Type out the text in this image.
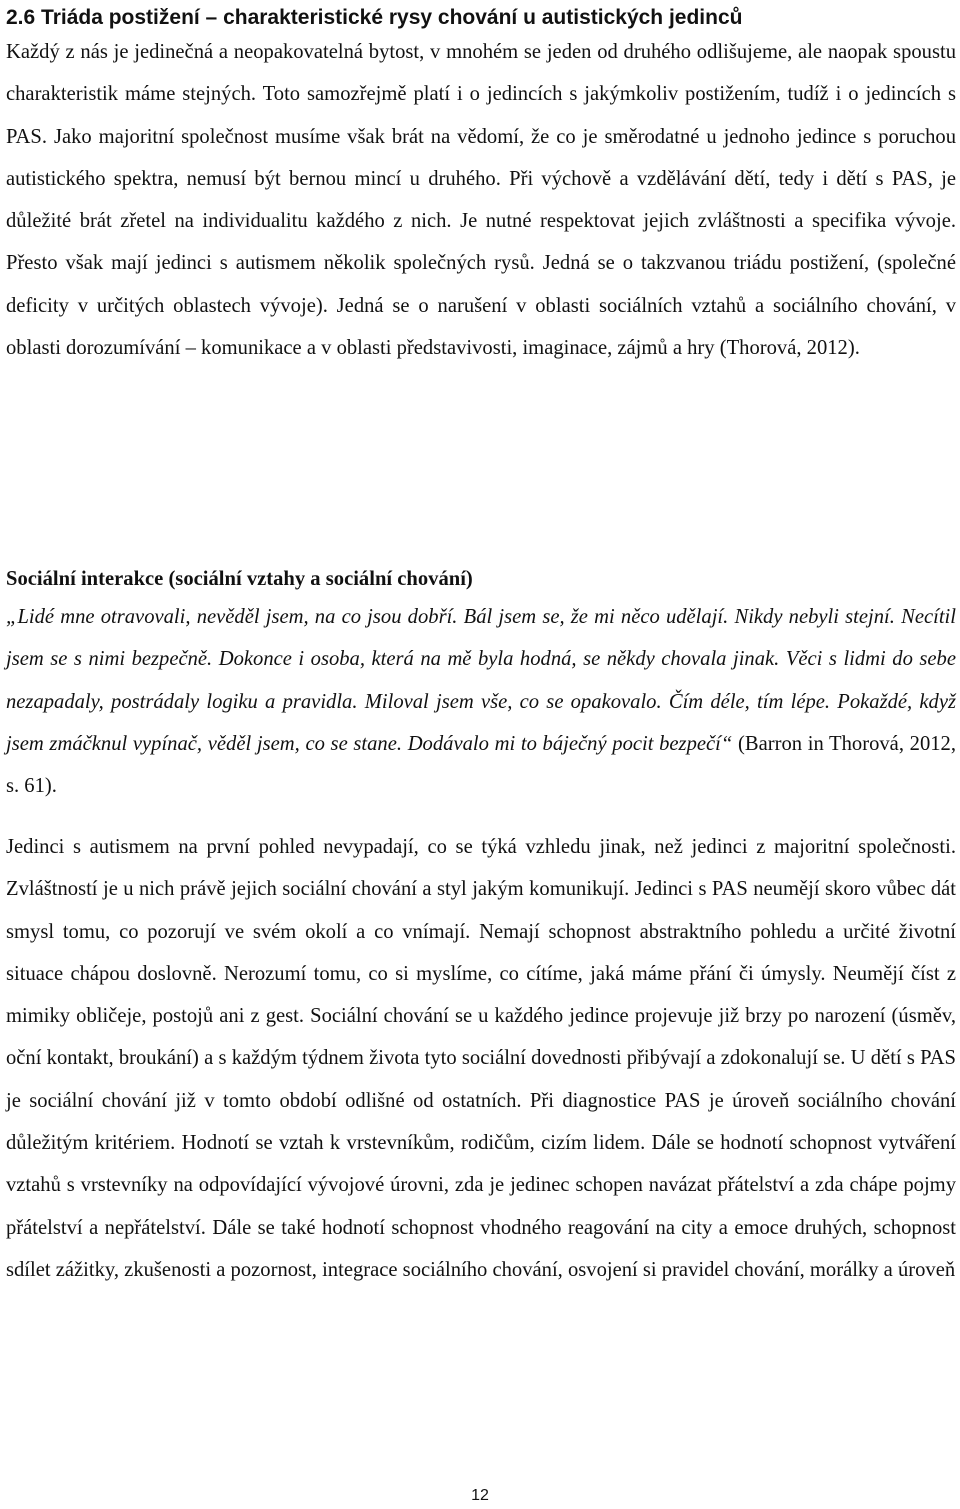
2.6 Triáda postižení – charakteristické rysy chování u autistických jedinců

Každý z nás je jedinečná a neopakovatelná bytost, v mnohém se jeden od druhého odlišujeme, ale naopak spoustu charakteristik máme stejných. Toto samozřejmě platí i o jedincích s jakýmkoliv postižením, tudíž i o jedincích s PAS. Jako majoritní společnost musíme však brát na vědomí, že co je směrodatné u jednoho jedince s poruchou autistického spektra, nemusí být bernou mincí u druhého. Při výchově a vzdělávání dětí, tedy i dětí s PAS, je důležité brát zřetel na individualitu každého z nich. Je nutné respektovat jejich zvláštnosti a specifika vývoje. Přesto však mají jedinci s autismem několik společných rysů. Jedná se o takzvanou triádu postižení, (společné deficity v určitých oblastech vývoje). Jedná se o narušení v oblasti sociálních vztahů a sociálního chování, v oblasti dorozumívání – komunikace a v oblasti představivosti, imaginace, zájmů a hry (Thorová, 2012).

Sociální interakce (sociální vztahy a sociální chování)

„Lidé mne otravovali, nevěděl jsem, na co jsou dobří. Bál jsem se, že mi něco udělají. Nikdy nebyli stejní. Necítil jsem se s nimi bezpečně. Dokonce i osoba, která na mě byla hodná, se někdy chovala jinak. Věci s lidmi do sebe nezapadaly, postrádaly logiku a pravidla. Miloval jsem vše, co se opakovalo. Čím déle, tím lépe. Pokaždé, když jsem zmáčknul vypínač, věděl jsem, co se stane. Dodávalo mi to báječný pocit bezpečí“ (Barron in Thorová, 2012, s. 61).

Jedinci s autismem na první pohled nevypadají, co se týká vzhledu jinak, než jedinci z majoritní společnosti. Zvláštností je u nich právě jejich sociální chování a styl jakým komunikují. Jedinci s PAS neumějí skoro vůbec dát smysl tomu, co pozorují ve svém okolí a co vnímají. Nemají schopnost abstraktního pohledu a určité životní situace chápou doslovně. Nerozumí tomu, co si myslíme, co cítíme, jaká máme přání či úmysly. Neumějí číst z mimiky obličeje, postojů ani z gest. Sociální chování se u každého jedince projevuje již brzy po narození (úsměv, oční kontakt, broukání) a s každým týdnem života tyto sociální dovednosti přibývají a zdokonalují se. U dětí s PAS je sociální chování již v tomto období odlišné od ostatních. Při diagnostice PAS je úroveň sociálního chování důležitým kritériem. Hodnotí se vztah k vrstevníkům, rodičům, cizím lidem. Dále se hodnotí schopnost vytváření vztahů s vrstevníky na odpovídající vývojové úrovni, zda je jedinec schopen navázat přátelství a zda chápe pojmy přátelství a nepřátelství. Dále se také hodnotí schopnost vhodného reagování na city a emoce druhých, schopnost sdílet zážitky, zkušenosti a pozornost, integrace sociálního chování, osvojení si pravidel chování, morálky a úroveň

12
